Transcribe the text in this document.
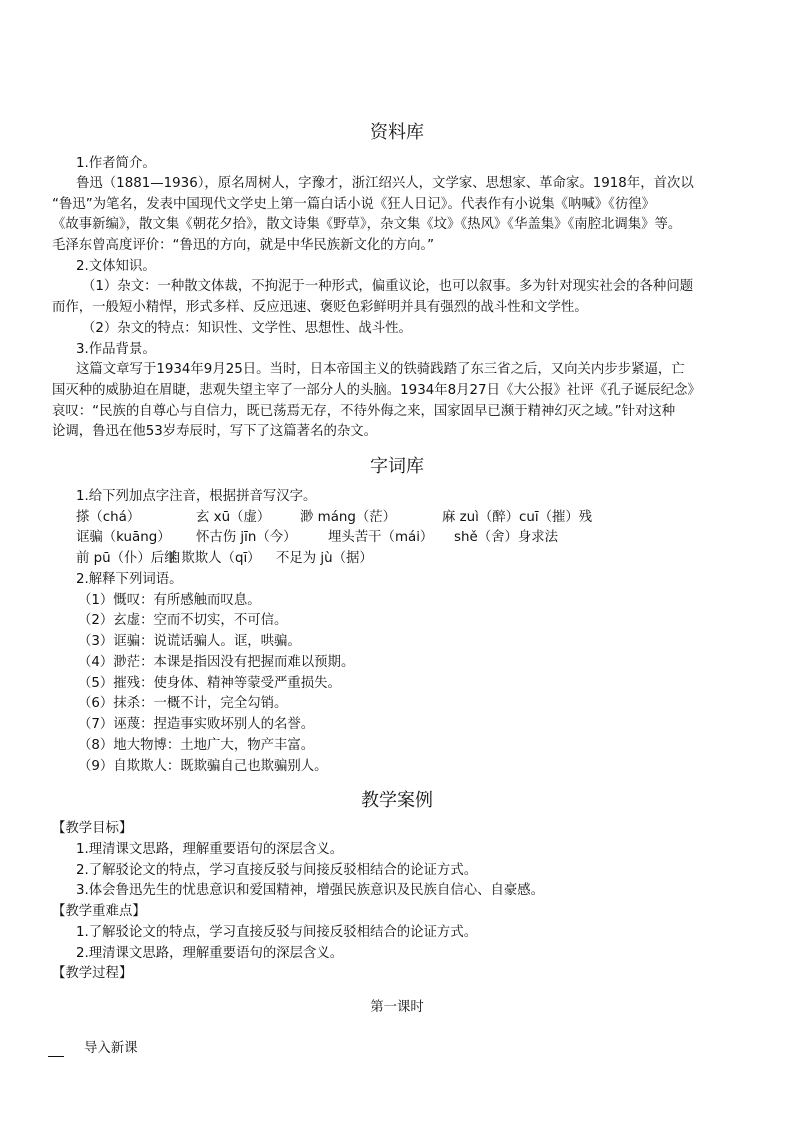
资料库
1.作者简介。
鲁迅（1881—1936），原名周树人，字豫才，浙江绍兴人，文学家、思想家、革命家。1918年，首次以
“鲁迅”为笔名，发表中国现代文学史上第一篇白话小说《狂人日记》。代表作有小说集《呐喊》《彷徨》
《故事新编》，散文集《朝花夕拾》，散文诗集《野草》，杂文集《坟》《热风》《华盖集》《南腔北调集》等。
毛泽东曾高度评价：“鲁迅的方向，就是中华民族新文化的方向。”
2.文体知识。
（1）杂文：一种散文体裁，不拘泥于一种形式，偏重议论，也可以叙事。多为针对现实社会的各种问题
而作，一般短小精悍，形式多样、反应迅速、褒贬色彩鲜明并具有强烈的战斗性和文学性。
（2）杂文的特点：知识性、文学性、思想性、战斗性。
3.作品背景。
这篇文章写于1934年9月25日。当时，日本帝国主义的铁骑践踏了东三省之后，又向关内步步紧逼，亡
国灭种的威胁迫在眉睫，悲观失望主宰了一部分人的头脑。1934年8月27日《大公报》社评《孔子诞辰纪念》
哀叹：“民族的自尊心与自信力，既已荡焉无存，不待外侮之来，国家固早已濒于精神幻灭之域。”针对这种
论调，鲁迅在他53岁寿辰时，写下了这篇著名的杂文。
字词库
1.给下列加点字注音，根据拼音写汉字。
搽（chá）	玄 xū（虚） 渺 máng（茫）	麻 zuì（醉）cuī（摧）残
诓骗（kuāng） 怀古伤 jīn（今） 埋头苦干（mái） shě（舍）身求法
前 pū（仆）后继
自欺欺人（qī） 不足为 jù（据）
2.解释下列词语。
（1）慨叹：有所感触而叹息。
（2）玄虚：空而不切实，不可信。
（3）诓骗：说谎话骗人。诓，哄骗。
（4）渺茫：本课是指因没有把握而难以预期。
（5）摧残：使身体、精神等蒙受严重损失。
（6）抹杀：一概不计，完全勾销。
（7）诬蔑：捏造事实败坏别人的名誉。
（8）地大物博：土地广大，物产丰富。
（9）自欺欺人：既欺骗自己也欺骗别人。
教学案例
【教学目标】
1.理清课文思路，理解重要语句的深层含义。
2.了解驳论文的特点，学习直接反驳与间接反驳相结合的论证方式。
3.体会鲁迅先生的忧患意识和爱国精神，增强民族意识及民族自信心、自豪感。
【教学重难点】
1.了解驳论文的特点，学习直接反驳与间接反驳相结合的论证方式。
2.理清课文思路，理解重要语句的深层含义。
【教学过程】
第一课时
导入新课
